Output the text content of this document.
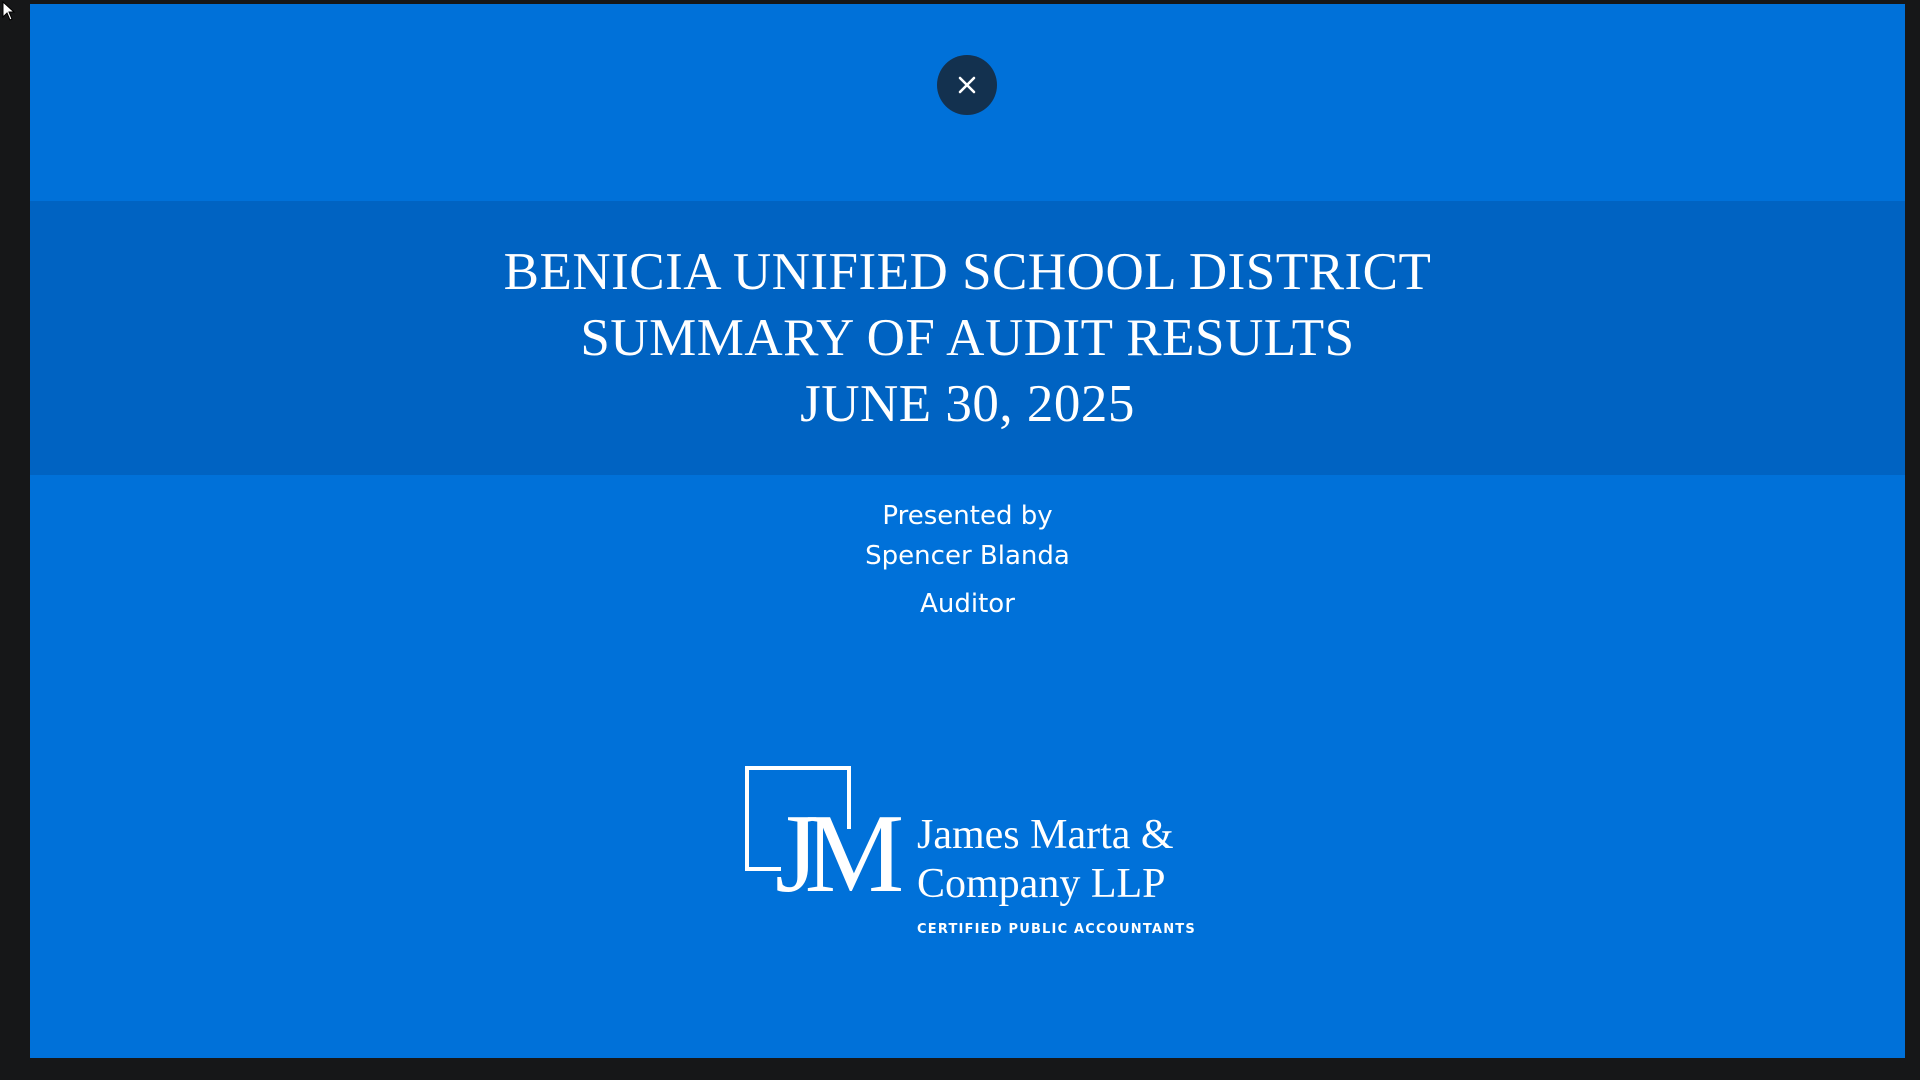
BENICIA UNIFIED SCHOOL DISTRICT
SUMMARY OF AUDIT RESULTS
JUNE 30, 2025
Presented by
Spencer Blanda
Auditor
JM James Marta &
Company LLP
CERTIFIED PUBLIC ACCOUNTANTS
